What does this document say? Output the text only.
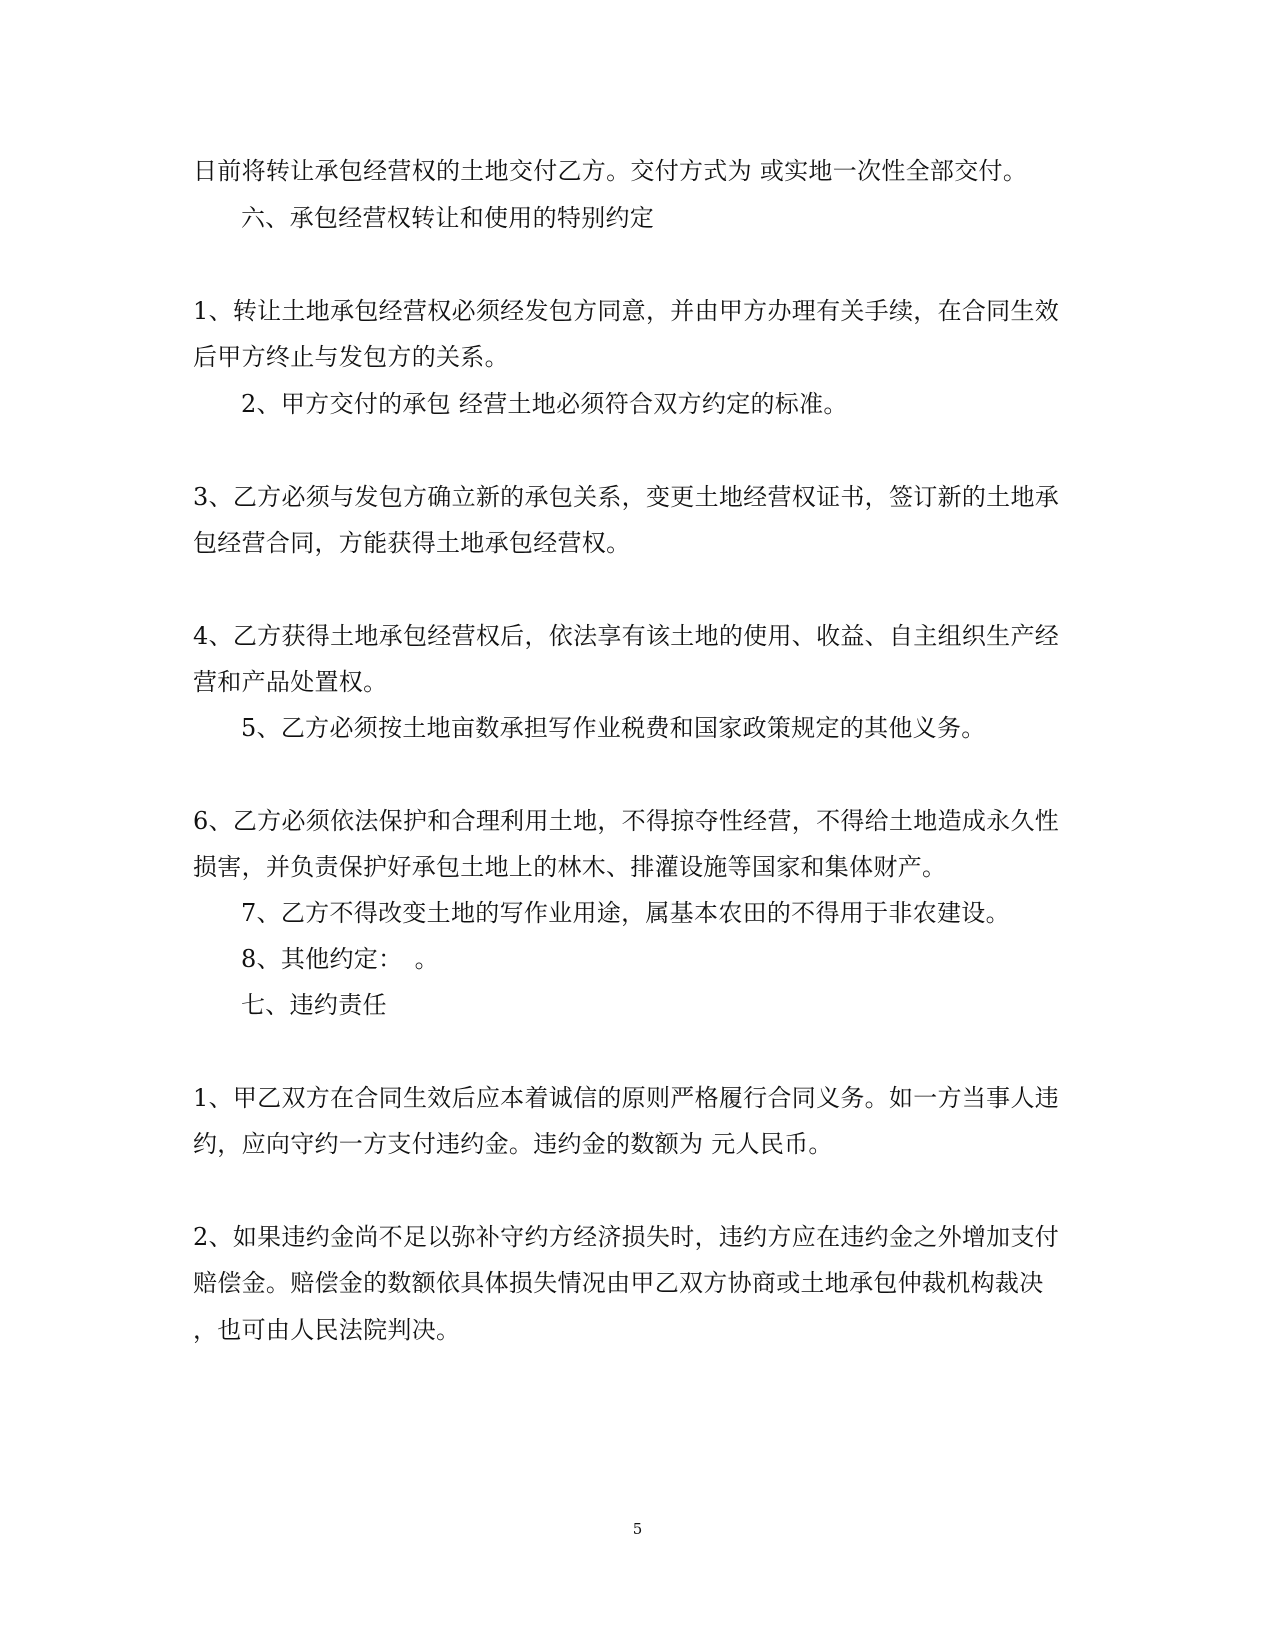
日前将转让承包经营权的土地交付乙方。交付方式为 或实地一次性全部交付。
六、承包经营权转让和使用的特别约定
1、转让土地承包经营权必须经发包方同意，并由甲方办理有关手续，在合同生效
后甲方终止与发包方的关系。
2、甲方交付的承包 经营土地必须符合双方约定的标准。
3、乙方必须与发包方确立新的承包关系，变更土地经营权证书，签订新的土地承
包经营合同，方能获得土地承包经营权。
4、乙方获得土地承包经营权后，依法享有该土地的使用、收益、自主组织生产经
营和产品处置权。
5、乙方必须按土地亩数承担写作业税费和国家政策规定的其他义务。
6、乙方必须依法保护和合理利用土地，不得掠夺性经营，不得给土地造成永久性
损害，并负责保护好承包土地上的林木、排灌设施等国家和集体财产。
7、乙方不得改变土地的写作业用途，属基本农田的不得用于非农建设。
8、其他约定：　。
七、违约责任
1、甲乙双方在合同生效后应本着诚信的原则严格履行合同义务。如一方当事人违
约，应向守约一方支付违约金。违约金的数额为 元人民币。
2、如果违约金尚不足以弥补守约方经济损失时，违约方应在违约金之外增加支付
赔偿金。赔偿金的数额依具体损失情况由甲乙双方协商或土地承包仲裁机构裁决
，也可由人民法院判决。
5
